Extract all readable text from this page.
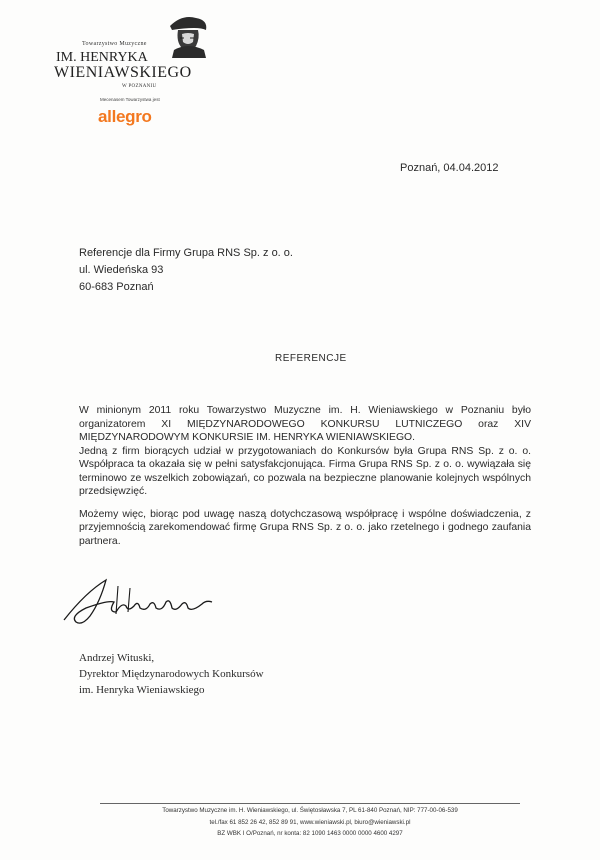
Towarzystwo Muzyczne
IM. HENRYKA
WIENIAWSKIEGO
W POZNANIU
Mecenasem Towarzystwa jest
allegro
Poznań, 04.04.2012
Referencje dla Firmy Grupa RNS Sp. z o. o.
ul. Wiedeńska 93
60-683 Poznań
REFERENCJE
W minionym 2011 roku Towarzystwo Muzyczne im. H. Wieniawskiego w Poznaniu było organizatorem XI MIĘDZYNARODOWEGO KONKURSU LUTNICZEGO oraz XIV MIĘDZYNARODOWYM KONKURSIE IM. HENRYKA WIENIAWSKIEGO.
Jedną z firm biorących udział w przygotowaniach do Konkursów była Grupa RNS Sp. z o. o. Współpraca ta okazała się w pełni satysfakcjonująca. Firma Grupa RNS Sp. z o. o. wywiązała się terminowo ze wszelkich zobowiązań, co pozwala na bezpieczne planowanie kolejnych wspólnych przedsięwzięć.
Możemy więc, biorąc pod uwagę naszą dotychczasową współpracę i wspólne doświadczenia, z przyjemnością zarekomendować firmę Grupa RNS Sp. z o. o. jako rzetelnego i godnego zaufania partnera.
Andrzej Wituski,
Dyrektor Międzynarodowych Konkursów
im. Henryka Wieniawskiego
Towarzystwo Muzyczne im. H. Wieniawskiego, ul. Świętosławska 7, PL 61-840 Poznań, NIP: 777-00-06-539
tel./fax 61 852 26 42, 852 89 91, www.wieniawski.pl, biuro@wieniawski.pl
BZ WBK I O/Poznań, nr konta: 82 1090 1463 0000 0000 4600 4297
